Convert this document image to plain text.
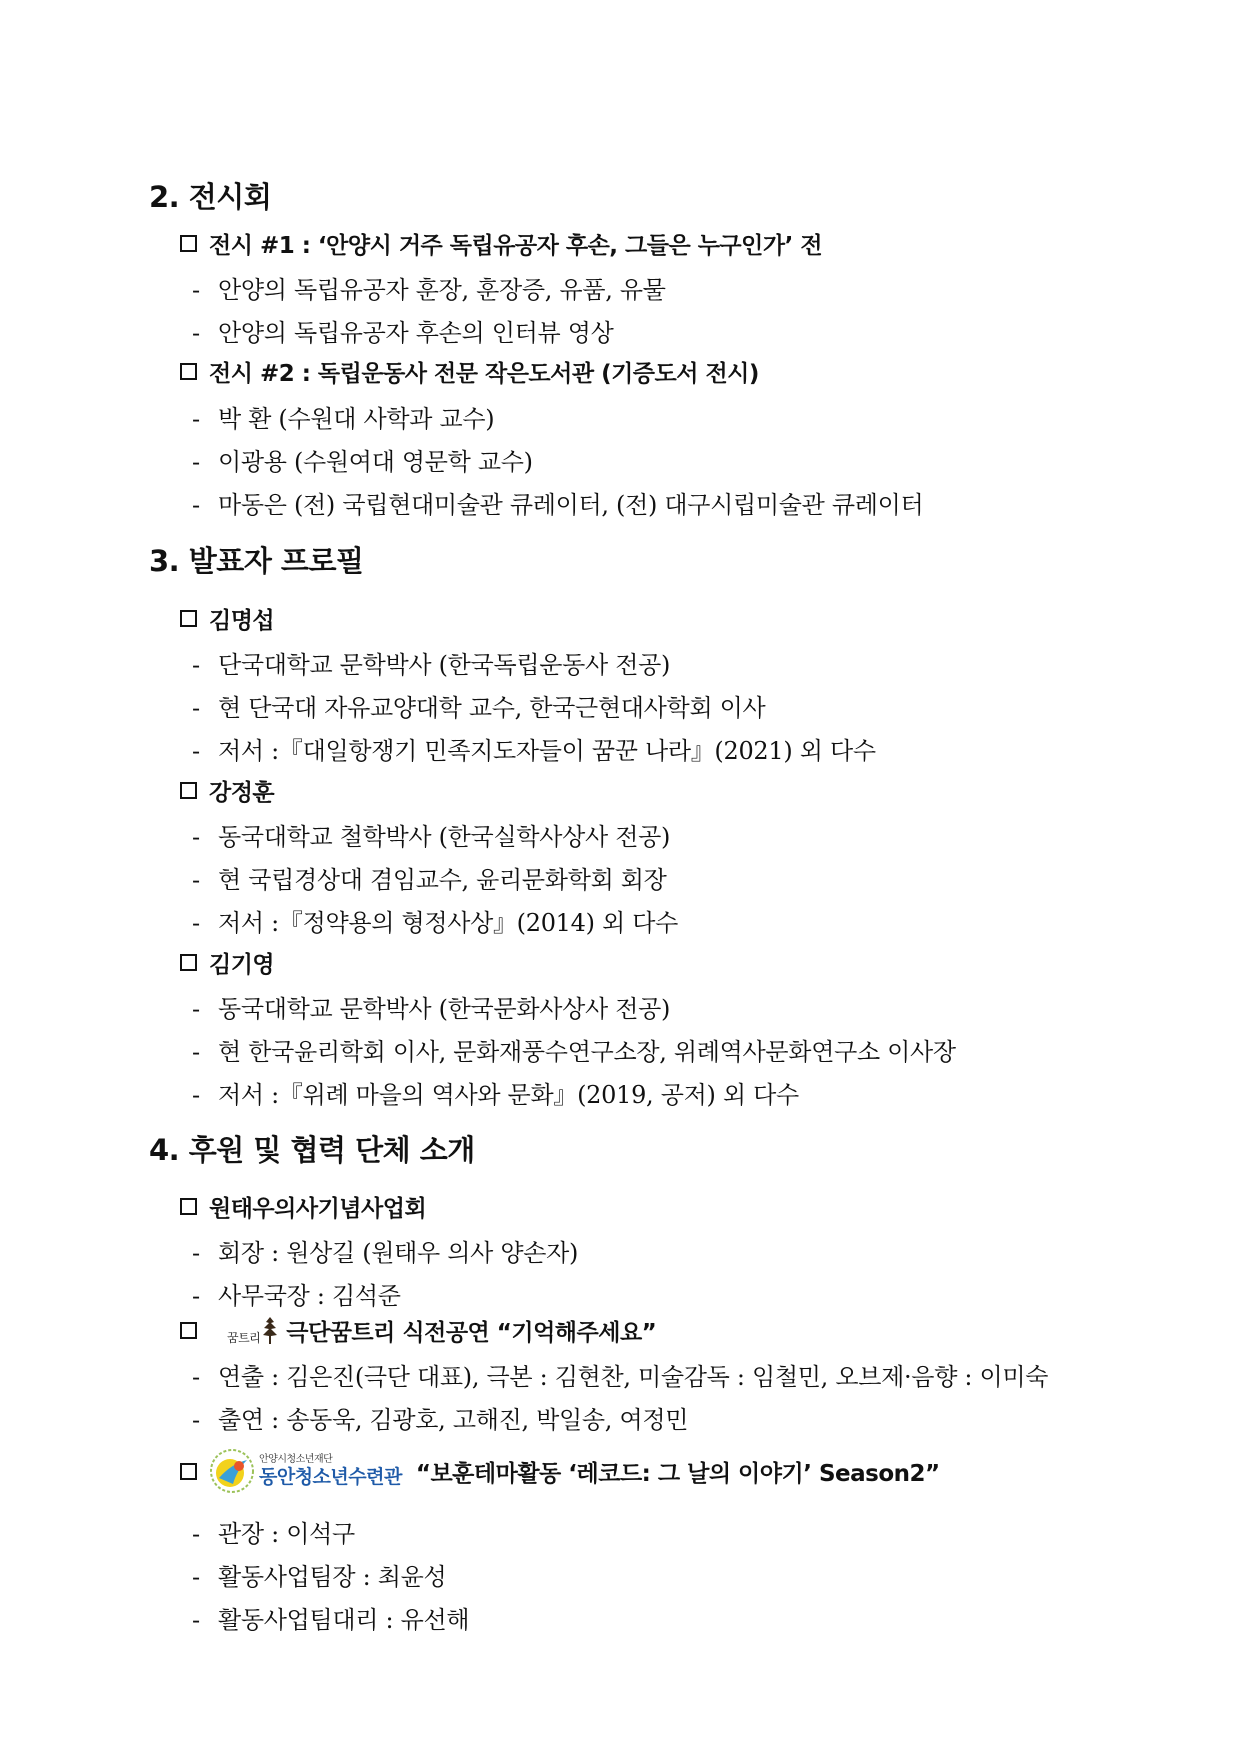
2. 전시회
전시 #1 : ‘안양시 거주 독립유공자 후손, 그들은 누구인가’ 전
- 안양의 독립유공자 훈장, 훈장증, 유품, 유물
- 안양의 독립유공자 후손의 인터뷰 영상
전시 #2 : 독립운동사 전문 작은도서관 (기증도서 전시)
- 박 환 (수원대 사학과 교수)
- 이광용 (수원여대 영문학 교수)
- 마동은 (전) 국립현대미술관 큐레이터, (전) 대구시립미술관 큐레이터
3. 발표자 프로필
김명섭
- 단국대학교 문학박사 (한국독립운동사 전공)
- 현 단국대 자유교양대학 교수, 한국근현대사학회 이사
- 저서 :『대일항쟁기 민족지도자들이 꿈꾼 나라』(2021) 외 다수
강정훈
- 동국대학교 철학박사 (한국실학사상사 전공)
- 현 국립경상대 겸임교수, 윤리문화학회 회장
- 저서 :『정약용의 형정사상』(2014) 외 다수
김기영
- 동국대학교 문학박사 (한국문화사상사 전공)
- 현 한국윤리학회 이사, 문화재풍수연구소장, 위례역사문화연구소 이사장
- 저서 :『위례 마을의 역사와 문화』(2019, 공저) 외 다수
4. 후원 및 협력 단체 소개
원태우의사기념사업회
- 회장 : 원상길 (원태우 의사 양손자)
- 사무국장 : 김석준
꿈트리 극단꿈트리 식전공연 “기억해주세요”
- 연출 : 김은진(극단 대표), 극본 : 김현찬, 미술감독 : 임철민, 오브제·음향 : 이미숙
- 출연 : 송동욱, 김광호, 고해진, 박일송, 여정민
안양시청소년재단
동안청소년수련관 “보훈테마활동 ‘레코드: 그 날의 이야기’ Season2”
- 관장 : 이석구
- 활동사업팀장 : 최윤성
- 활동사업팀대리 : 유선해
